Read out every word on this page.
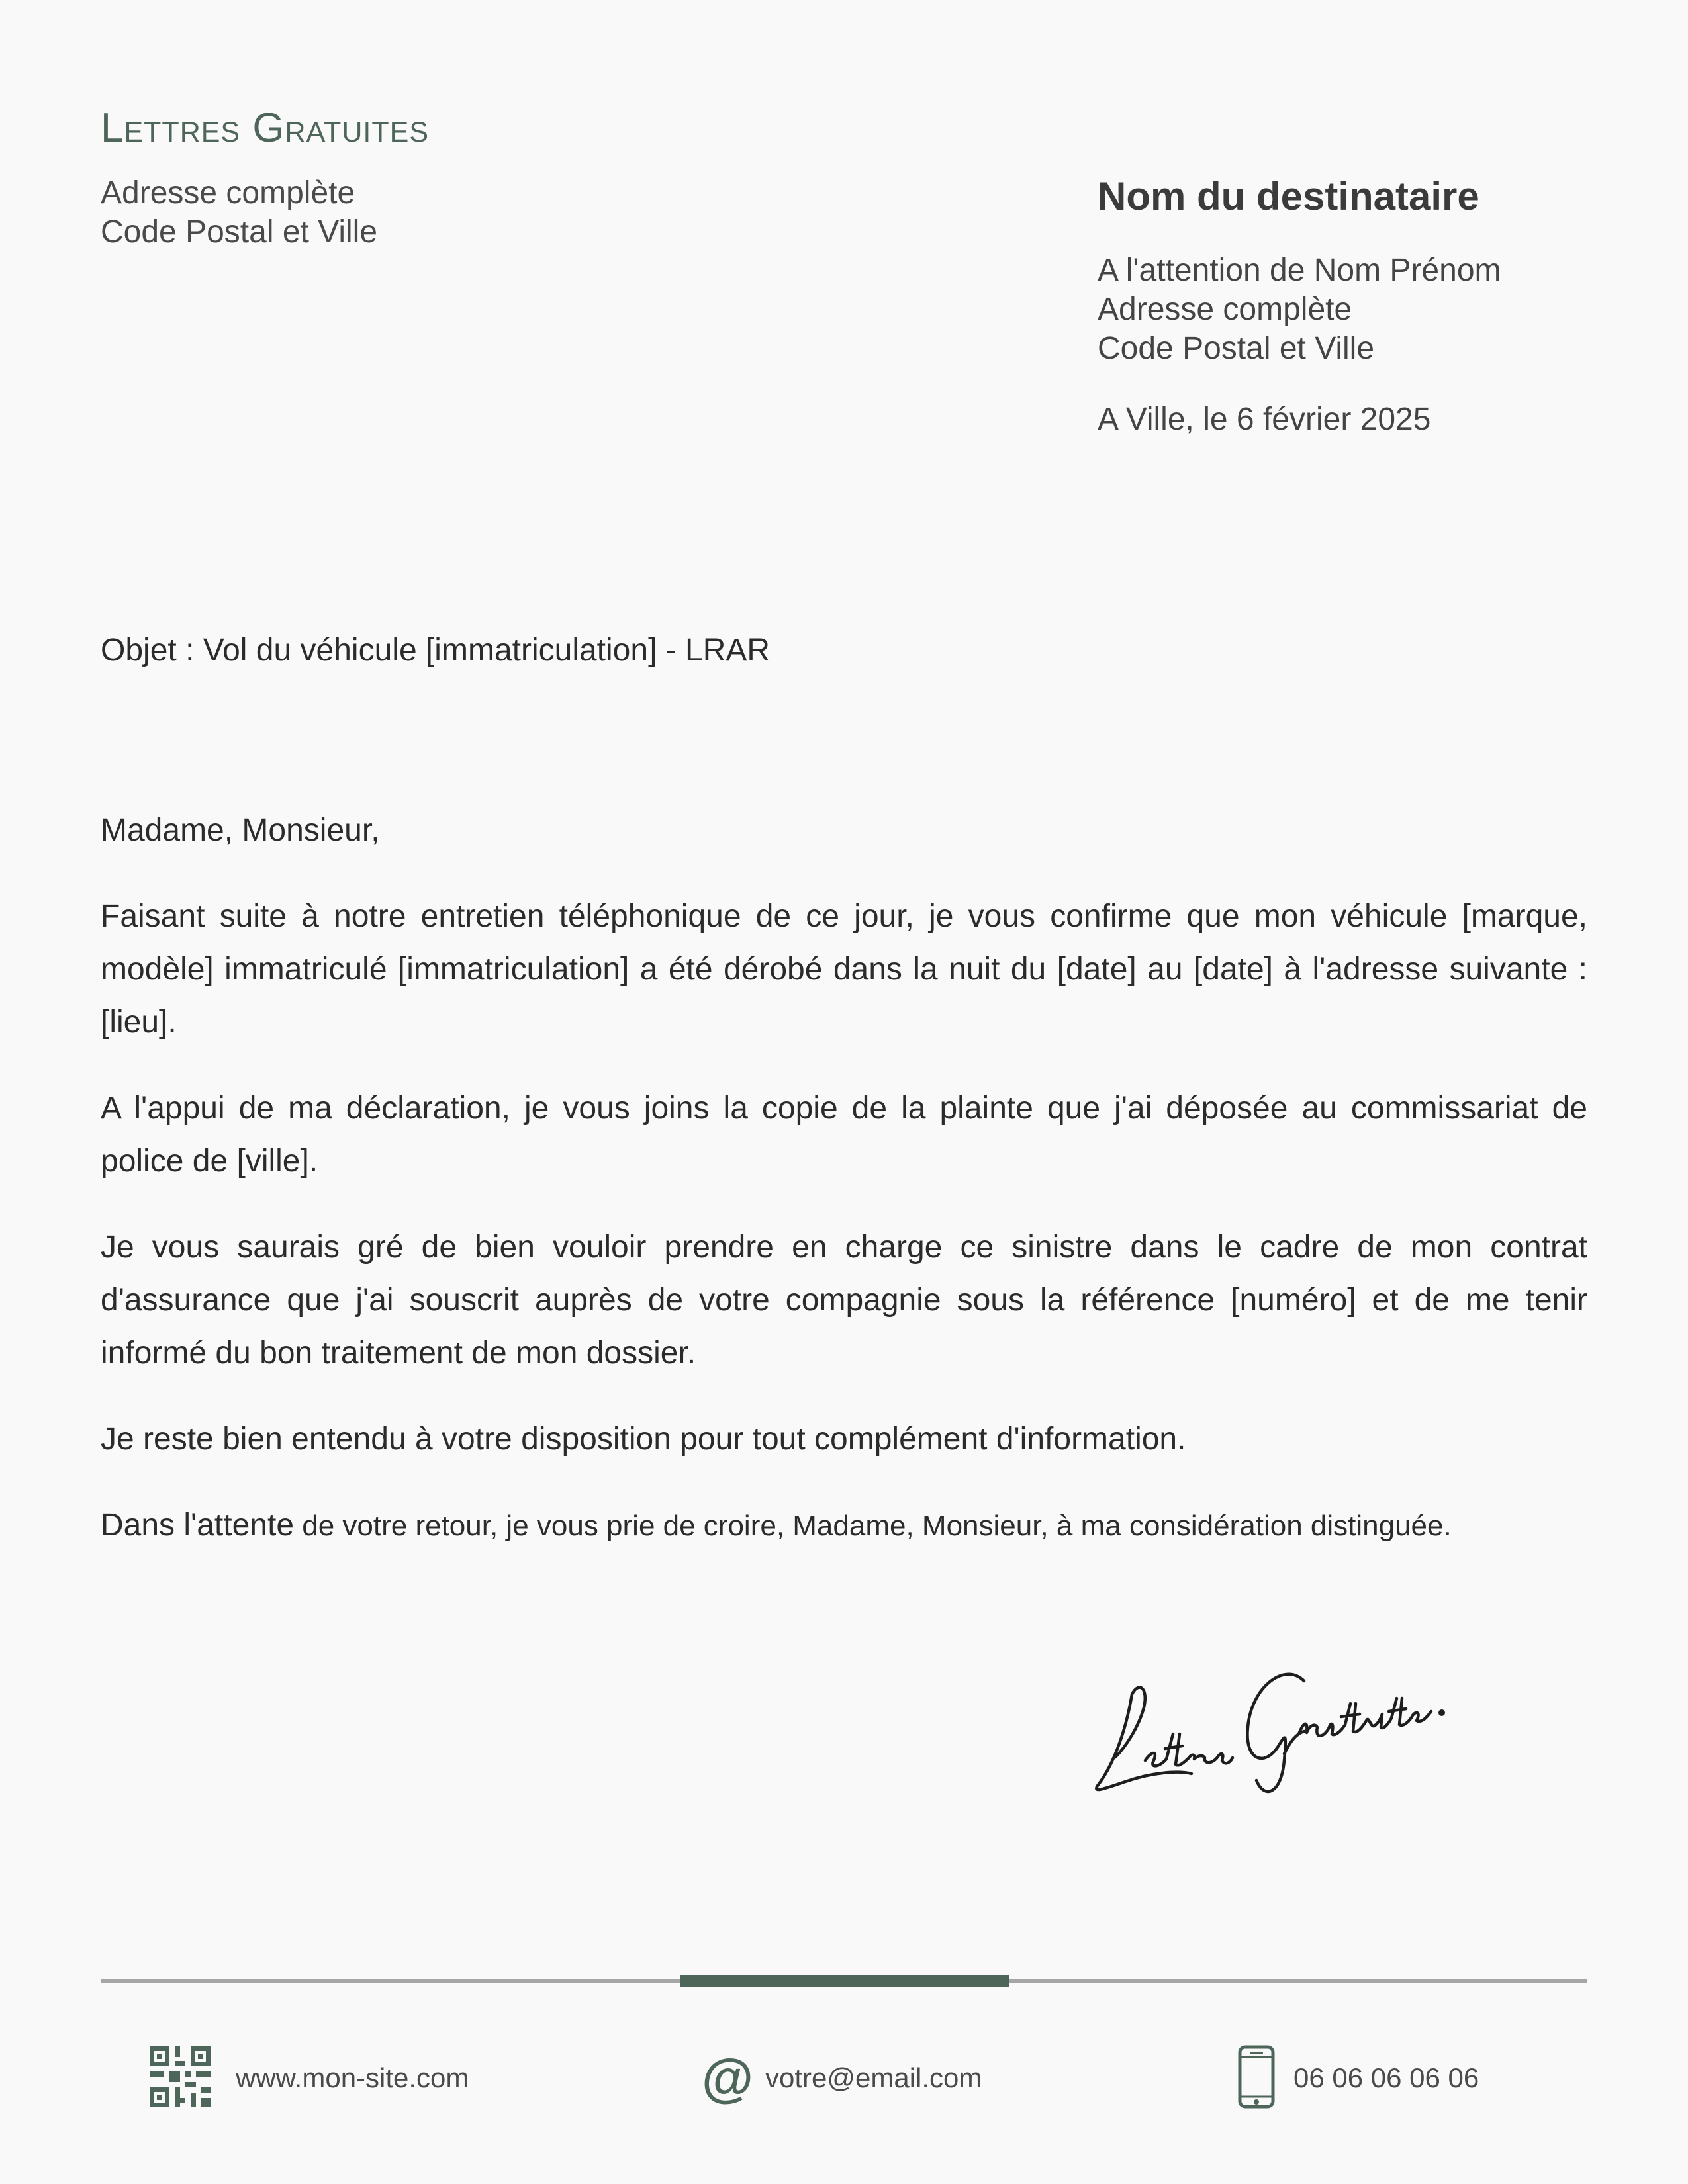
Lettres Gratuites
Adresse complète
Code Postal et Ville
Nom du destinataire
A l'attention de Nom Prénom
Adresse complète
Code Postal et Ville
A Ville, le 6 février 2025
Objet : Vol du véhicule [immatriculation] - LRAR

Madame, Monsieur,

Faisant suite à notre entretien téléphonique de ce jour, je vous confirme que mon véhicule [marque, modèle] immatriculé [immatriculation] a été dérobé dans la nuit du [date] au [date] à l'adresse suivante : [lieu].

A l'appui de ma déclaration, je vous joins la copie de la plainte que j'ai déposée au commissariat de police de [ville].

Je vous saurais gré de bien vouloir prendre en charge ce sinistre dans le cadre de mon contrat d'assurance que j'ai souscrit auprès de votre compagnie sous la référence [numéro] et de me tenir informé du bon traitement de mon dossier.

Je reste bien entendu à votre disposition pour tout complément d'information.

Dans l'attente de votre retour, je vous prie de croire, Madame, Monsieur, à ma considération distinguée.

www.mon-site.com	@ votre@email.com	06 06 06 06 06
